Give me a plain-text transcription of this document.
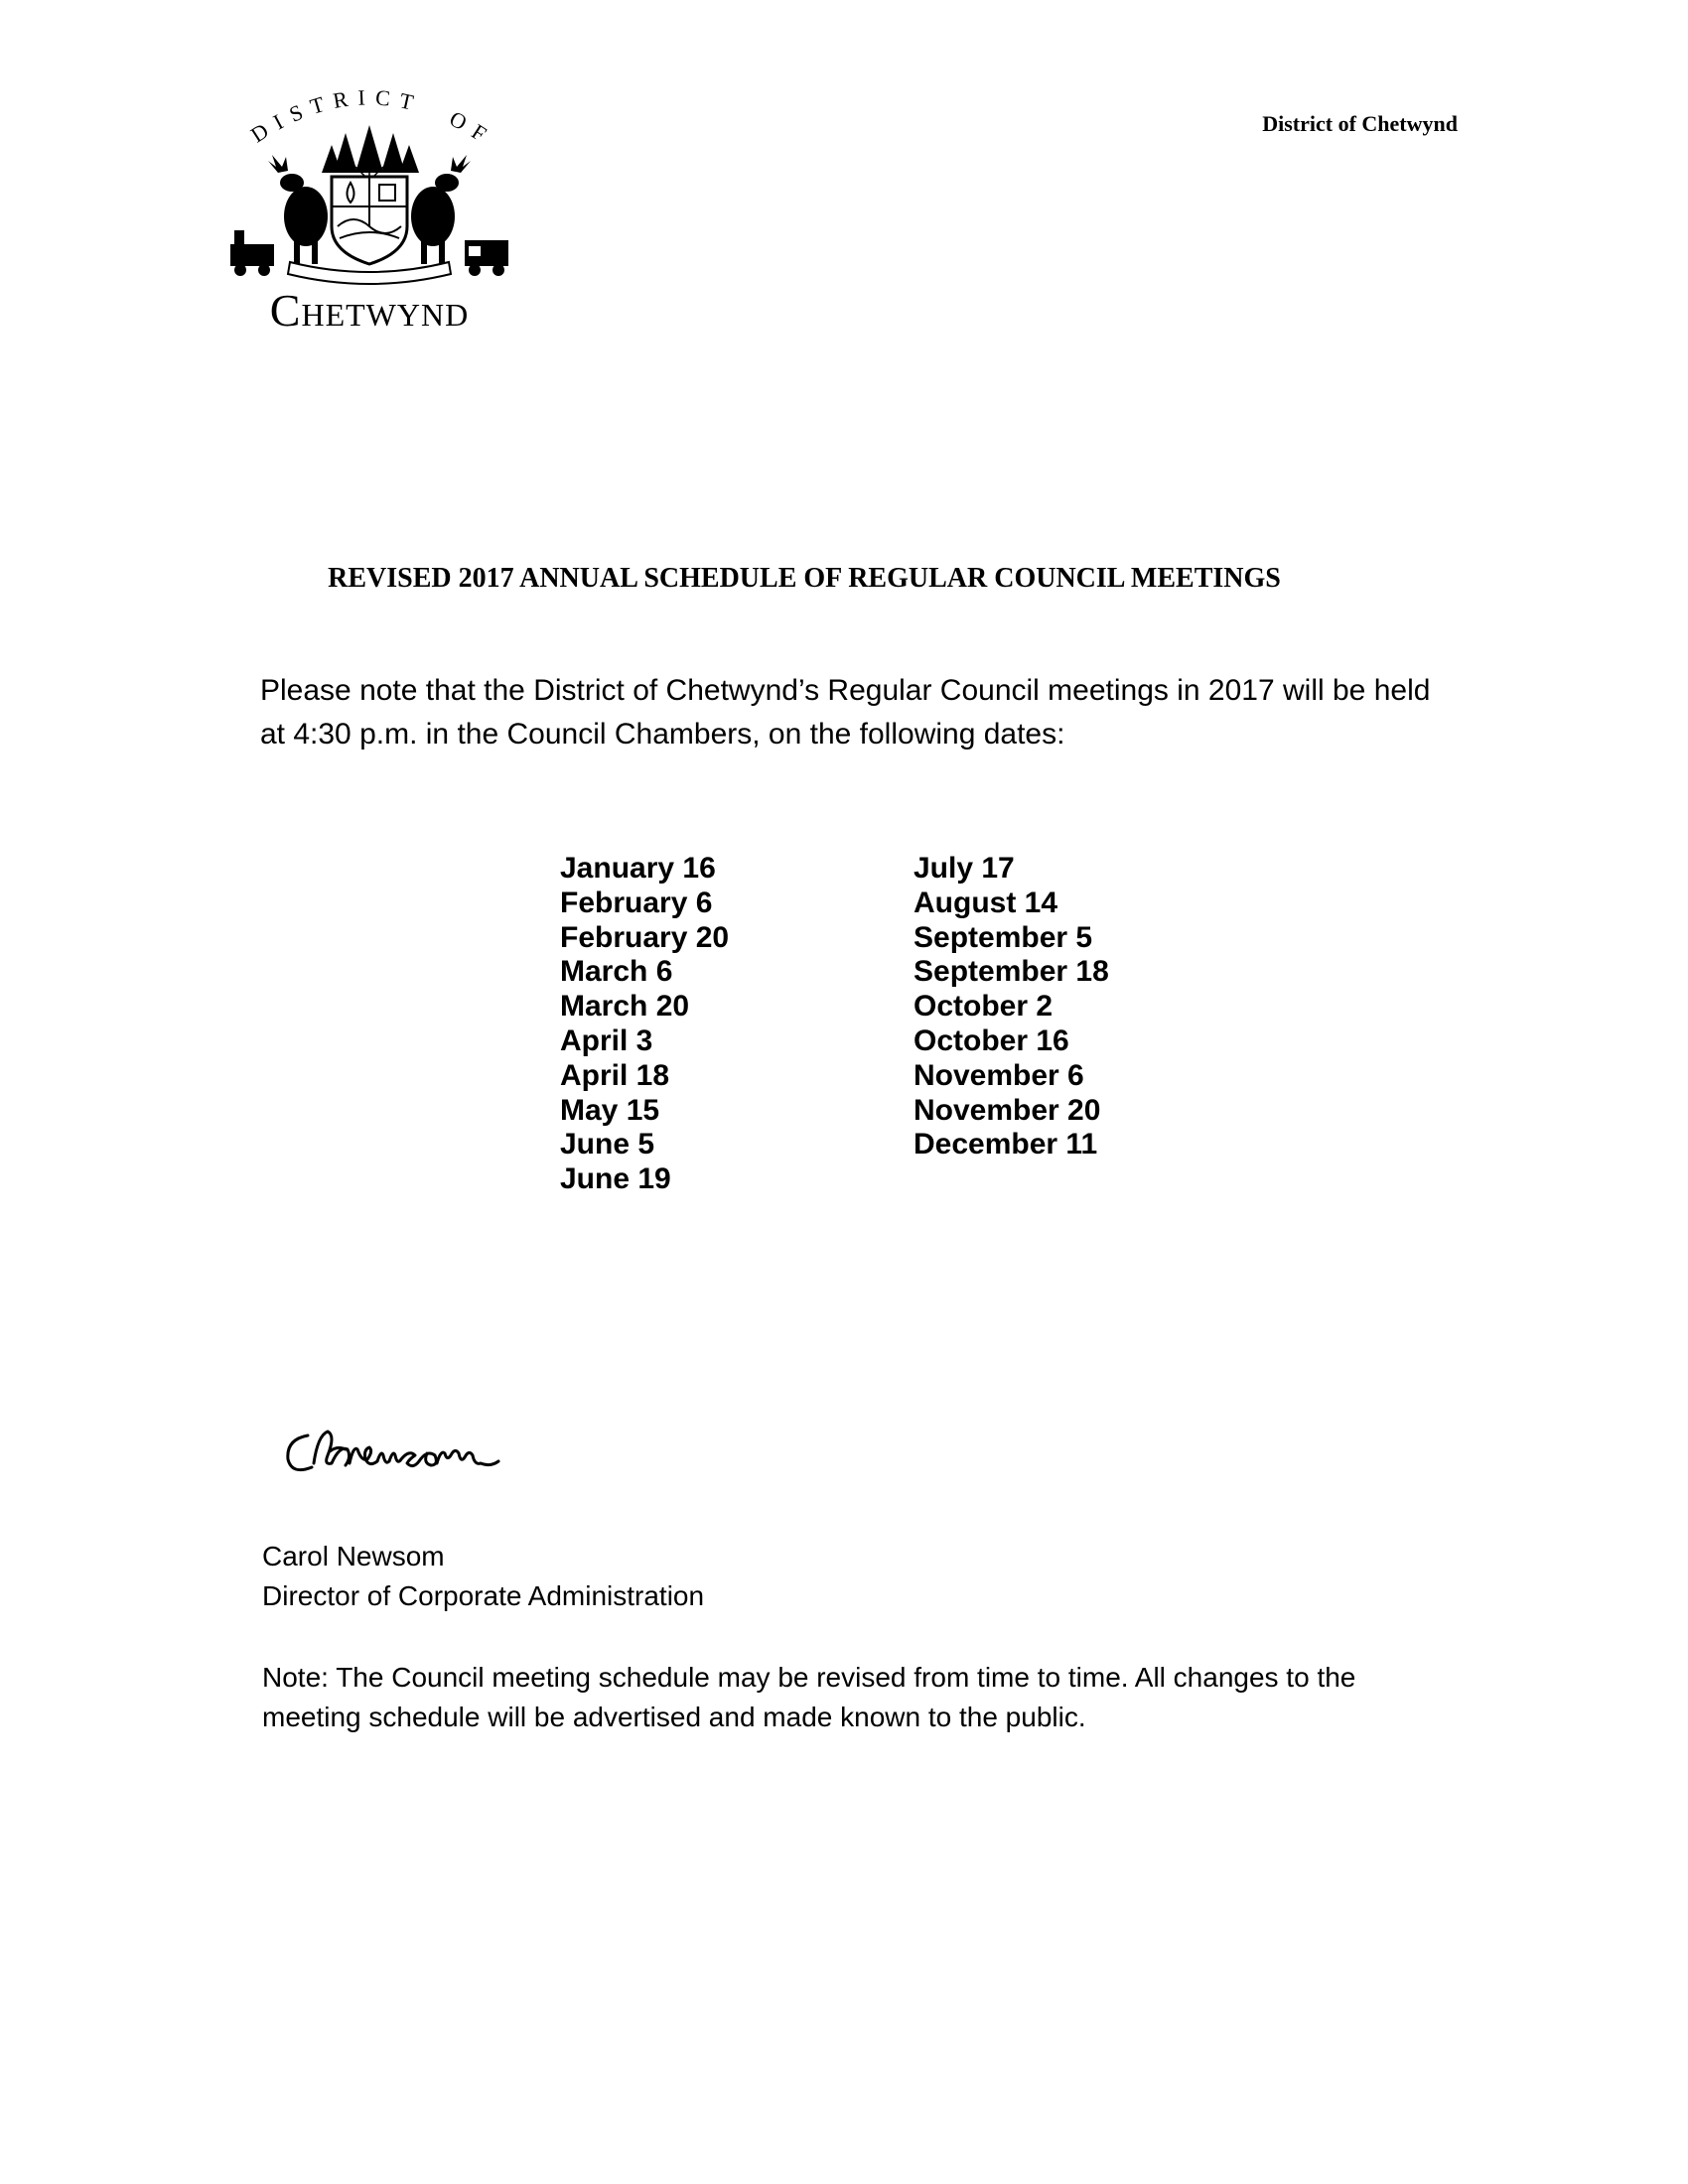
D I S T R I C T     O F
Chetwynd
District of Chetwynd
REVISED 2017 ANNUAL SCHEDULE OF REGULAR COUNCIL MEETINGS

Please note that the District of Chetwynd’s Regular Council meetings in 2017 will be held at 4:30 p.m. in the Council Chambers, on the following dates:

January 16
February 6
February 20
March 6
March 20
April 3
April 18
May 15
June 5
June 19
July 17
August 14
September 5
September 18
October 2
October 16
November 6
November 20
December 11

Carol Newsom

Director of Corporate Administration

Note: The Council meeting schedule may be revised from time to time. All changes to the meeting schedule will be advertised and made known to the public.
